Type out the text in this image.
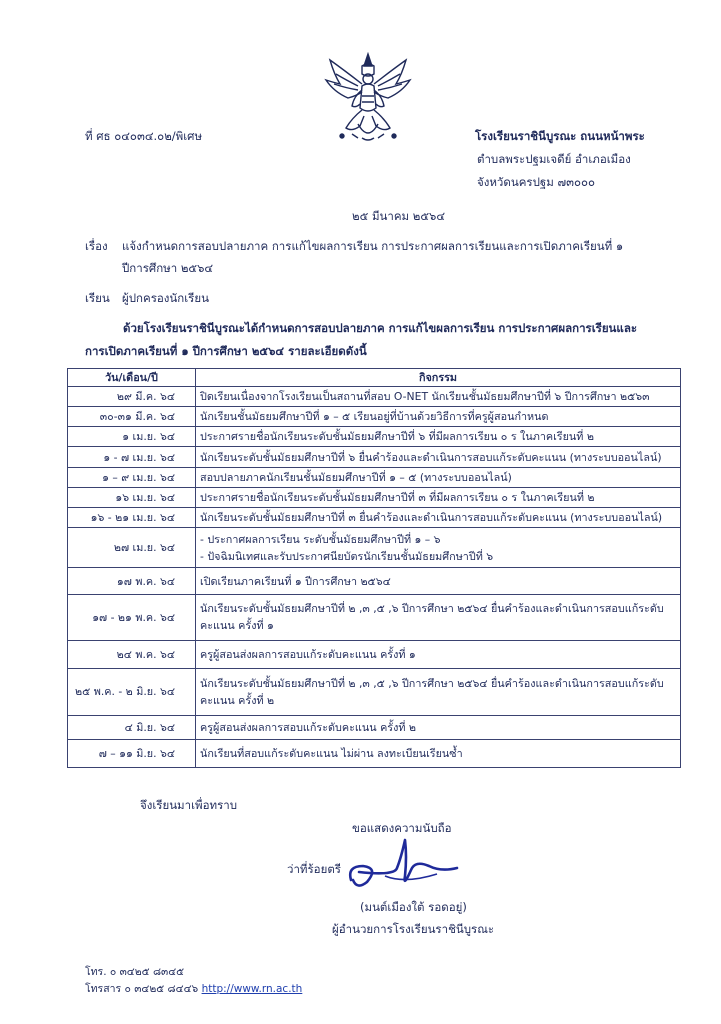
ที่ ศธ ๐๔๐๓๔.๐๒/พิเศษ	โรงเรียนราชินีบูรณะ ถนนหน้าพระ
ตำบลพระปฐมเจดีย์ อำเภอเมือง
จังหวัดนครปฐม ๗๓๐๐๐
๒๕ มีนาคม ๒๕๖๔
เรื่อง แจ้งกำหนดการสอบปลายภาค การแก้ไขผลการเรียน การประกาศผลการเรียนและการเปิดภาคเรียนที่ ๑
ปีการศึกษา ๒๕๖๔
เรียน ผู้ปกครองนักเรียน
ด้วยโรงเรียนราชินีบูรณะได้กำหนดการสอบปลายภาค การแก้ไขผลการเรียน การประกาศผลการเรียนและ
การเปิดภาคเรียนที่ ๑ ปีการศึกษา ๒๕๖๔ รายละเอียดดังนี้
วัน/เดือน/ปี	กิจกรรม
๒๙ มี.ค. ๖๔	ปิดเรียนเนื่องจากโรงเรียนเป็นสถานที่สอบ O-NET นักเรียนชั้นมัธยมศึกษาปีที่ ๖ ปีการศึกษา ๒๕๖๓

๓๐-๓๑ มี.ค. ๖๔	นักเรียนชั้นมัธยมศึกษาปีที่ ๑ – ๕ เรียนอยู่ที่บ้านด้วยวิธีการที่ครูผู้สอนกำหนด

๑ เม.ย. ๖๔	ประกาศรายชื่อนักเรียนระดับชั้นมัธยมศึกษาปีที่ ๖ ที่มีผลการเรียน ๐ ร ในภาคเรียนที่ ๒

๑ - ๗ เม.ย. ๖๔	นักเรียนระดับชั้นมัธยมศึกษาปีที่ ๖ ยื่นคำร้องและดำเนินการสอบแก้ระดับคะแนน (ทางระบบออนไลน์)

๑ – ๙ เม.ย. ๖๔	สอบปลายภาคนักเรียนชั้นมัธยมศึกษาปีที่ ๑ – ๕ (ทางระบบออนไลน์)

๑๖ เม.ย. ๖๔	ประกาศรายชื่อนักเรียนระดับชั้นมัธยมศึกษาปีที่ ๓ ที่มีผลการเรียน ๐ ร ในภาคเรียนที่ ๒

๑๖ - ๒๑ เม.ย. ๖๔	นักเรียนระดับชั้นมัธยมศึกษาปีที่ ๓ ยื่นคำร้องและดำเนินการสอบแก้ระดับคะแนน (ทางระบบออนไลน์)

๒๗ เม.ย. ๖๔	- ประกาศผลการเรียน ระดับชั้นมัธยมศึกษาปีที่ ๑ – ๖
- ปัจฉิมนิเทศและรับประกาศนียบัตรนักเรียนชั้นมัธยมศึกษาปีที่ ๖

๑๗ พ.ค. ๖๔	เปิดเรียนภาคเรียนที่ ๑ ปีการศึกษา ๒๕๖๔

๑๗ - ๒๑ พ.ค. ๖๔	นักเรียนระดับชั้นมัธยมศึกษาปีที่ ๒ ,๓ ,๕ ,๖ ปีการศึกษา ๒๕๖๔ ยื่นคำร้องและดำเนินการสอบแก้ระดับ
คะแนน ครั้งที่ ๑

๒๔ พ.ค. ๖๔	ครูผู้สอนส่งผลการสอบแก้ระดับคะแนน ครั้งที่ ๑

๒๕ พ.ค. - ๒ มิ.ย. ๖๔	นักเรียนระดับชั้นมัธยมศึกษาปีที่ ๒ ,๓ ,๕ ,๖ ปีการศึกษา ๒๕๖๔ ยื่นคำร้องและดำเนินการสอบแก้ระดับ
คะแนน ครั้งที่ ๒

๔ มิ.ย. ๖๔	ครูผู้สอนส่งผลการสอบแก้ระดับคะแนน ครั้งที่ ๒

๗ – ๑๑ มิ.ย. ๖๔	นักเรียนที่สอบแก้ระดับคะแนน ไม่ผ่าน ลงทะเบียนเรียนซ้ำ
จึงเรียนมาเพื่อทราบ
ขอแสดงความนับถือ
ว่าที่ร้อยตรี
(มนต์เมืองใต้ รอดอยู่)
ผู้อำนวยการโรงเรียนราชินีบูรณะ
โทร. ๐ ๓๔๒๕ ๘๓๔๕
โทรสาร ๐ ๓๔๒๕ ๘๔๔๖ http://www.rn.ac.th
